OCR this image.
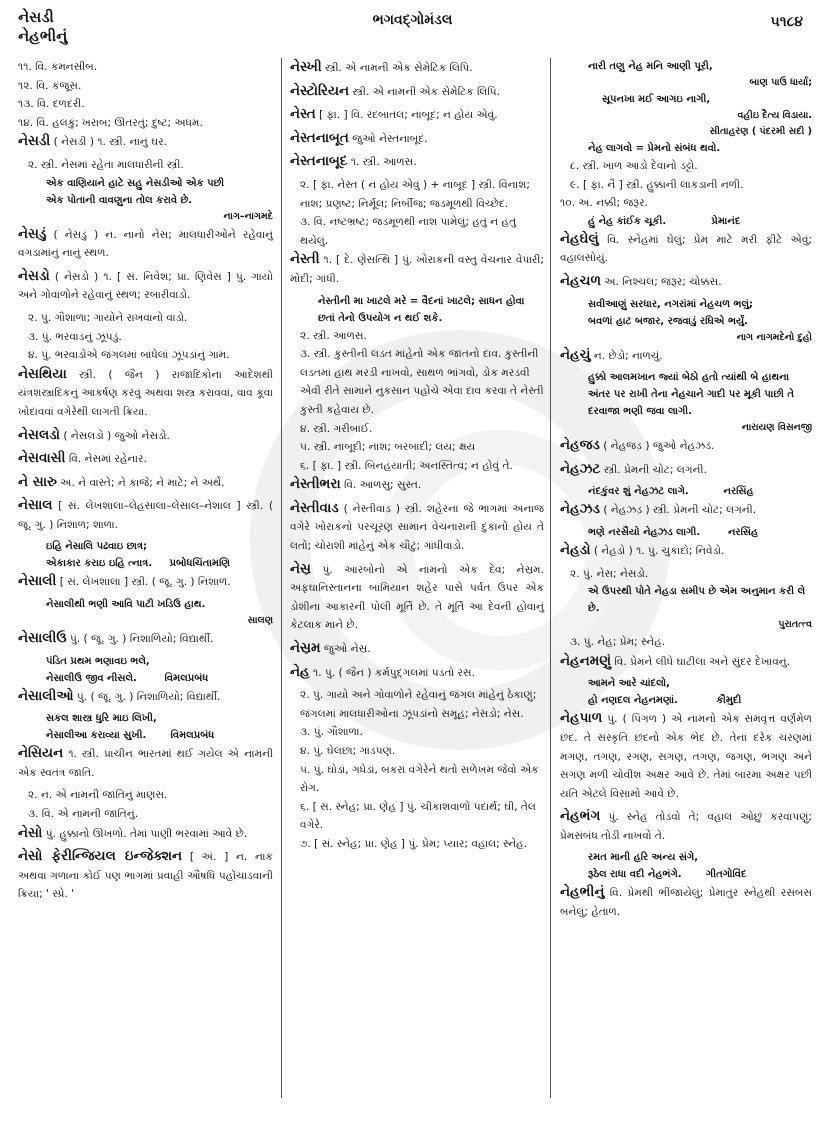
નેસડી
નેહભીનું
ભગવદ્ગોમંડલ	૫૧૮૪
૧૧. વિ. કમનસીબ.
૧૨. વિ. કંજૂસ.
૧૩. વિ. દળદરી.
૧૪. વિ. હલકું; ખરાબ; ઊતરતું; દુષ્ટ; અધમ.
નેસડી ( નેસ઼ડી ) ૧. સ્ત્રી. નાનું ઘર.
૨. સ્ત્રી. નેસમાં રહેતા માલધારીની સ્ત્રી.
એક વાણિયાને હાટે સહુ નેસડીઓ એક પછી
એક પોતાની વાવણુના તોલ કરાવે છે.
નાગ–નાગમદે
નેસડું ( નેસ઼ડું ) ન. નાનો નેસ; માલધારીઓને રહેવાનું વગડામાંનું નાનું સ્થળ.
નેસડો ( નેસ઼ડો ) ૧. [ સં. નિવેશ; પ્રા. ણિવેસ ] પું. ગાયો અને ગોવાળોને રહેવાનું સ્થળ; રબારીવાડો.
૨. પું. ગૌશાળા; ગાયોને રાખવાનો વાડો.
૩. પું. ભરવાડનું ઝૂંપડું.
૪. પું. ભરવાડોએ જંગલમાં બાંધેલાં ઝૂંપડાંનું ગામ.
નેસથિયા સ્ત્રી. ( જૈન ) રાજાદિકોના આદેશથી યંત્રશસ્ત્રાદિકનું આકર્ષણ કરવું અથવા શસ્ત્ર કરાવવાં, વાવ કૂવા ખોદાવવાં વગેરેથી લાગતી ક્રિયા.
નેસલડો ( નેસલ઼ડો ) જુઓ નેસડો.
નેસવાસી વિ. નેસમાં રહેનાર.
ને સારુ અ. ને વાસ્તે; ને કાજે; ને માટે; ને અર્થે.
નેસાલ [ સં. લેખશાલા–લેહસાલા–લેસાલ–નેશાલ ] સ્ત્રી. ( જૂ. ગુ. ) નિશાળ; શાળા.
ઇહિ નેસાલિ પઢવાઇ છાત્ર;
એકાકાર કરાઇ ઇહિ ત્નાત્ર.     પ્રબોધચિંતામણિ
નેસાલી [ સં. લેખશાલા ] સ્ત્રી. ( જૂ. ગુ. ) નિશાળ.
નેસાલીથી ભણી આવિ પાટી ખડિઉ હાથ.
સાલણ
નેસાલીઉ પું. ( જૂ. ગુ. ) નિશાળિયો; વિદ્યાર્થી.
પંડિત પ્રથમ ભણાવઇ ભલે,
નેસાલીઉ જીવ નીસલે.        વિમલપ્રબંધ
નેસાલીઓ પું. ( જૂ. ગુ. ) નિશાળિયો; વિદ્યાર્થી.
સકલ શાસ્ત્ર ધુરિ માઇ લિખી,
નેસાલીઆ કરાવ્યા સુખી.       વિમલપ્રબંધ
નેસિયન ૧. સ્ત્રી. પ્રાચીન ભારતમાં થઈ ગયેલ એ નામની એક સ્વતંત્ર જાતિ.
૨. ન. એ નામની જાતિનું માણસ.
૩. વિ. એ નામની જાતિનું.
નેસો પું. હુક્કાનો ઊખળો. તેમાં પાણી ભરવામાં આવે છે.
નેસો ફેરીન્જિયલ ઇન્જેક્શન [ અં. ] ન. નાક અથવા ગળાના કોઈ પણ ભાગમાં પ્રવાહી ઔષધિ પહોંચાડવાની ક્રિયા; ' સ્પ્રે. '
નેસ્ખી સ્ત્રી. એ નામની એક સેમેટિક લિપિ.
નેસ્ટોરિયન સ્ત્રી. એ નામની એક સેમેટિક લિપિ.
નેસ્ત [ ફા. ] વિ. રદબાતલ; નાબૂદ; ન હોય એવું.
નેસ્તનાબૂત જુઓ નેસ્તનાબૂદ.
નેસ્તનાબૂદ ૧. સ્ત્રી. આળસ.
૨. [ ફા. નેસ્ત ( ન હોય એવું ) + નાબૂદ ] સ્ત્રી. વિનાશ; નાશ; પ્રણષ્ટ; નિર્મૂલ; નિર્બીજ; જડમૂળથી વિચ્છેદ.
૩. વિ. નષ્ટભ્રષ્ટ; જડમૂળથી નાશ પામેલું; હતું ન હતું થયેલું.
નેસ્તી ૧. [ દે. ણેસત્થિ ] પું. ખોરાકની વસ્તુ વેચનાર વેપારી; મોદી; ગાંધી.
નેસ્તીની મા ખાટલે મરે = વૈદનાં ખાટલે; સાધન હોવા છતાં તેનો ઉપયોગ ન થઈ શકે.
૨. સ્ત્રી. આળસ.
૩. સ્ત્રી. કુસ્તીની લડત માંહેનો એક જાતનો દાવ. કુસ્તીની લડતમાં હાથ મરડી નાખવો, સાથળ ભાંગવો, ડોક મરડવી એવી રીતે સામાને નુકસાન પહોંચે એવા દાવ કરવા તે નેસ્તી કુસ્તી કહેવાય છે.
૪. સ્ત્રી. ગરીબાઈ.
૫. સ્ત્રી. નાબૂદી; નાશ; બરબાદી; લય; ક્ષય
૬. [ ફા. ] સ્ત્રી. બિનહયાતી; અનસ્તિત્વ; ન હોવું તે.
નેસ્તીભરા વિ. આળસુ; સુસ્ત.
નેસ્તીવાડ ( નેસ્તીવાડ઼ ) સ્ત્રી. શહેરના જે ભાગમાં અનાજ વગેરે ખોરાકનો પરચૂરણ સામાન વેચનારાની દુકાનો હોય તે લતો; ચોરાશી માંહેનું એક ચૌટું; ગાંધીવાડો.
નેસ્ર પું. આરબોનો એ નામનો એક દેવ; નેસ્રમ. અફઘાનિસ્તાનના બામિયાન શહેર પાસે પર્વત ઉપર એક ડોશીના આકારની પોલી મૂર્તિ છે. તે મૂર્તિ આ દેવની હોવાનું કેટલાક માને છે.
નેસ્રમ જુઓ નેસ્ર.
નેહ ૧. પું. ( જૈન ) કર્મપુદ્ગલમાં પડતો રસ.
૨. પું. ગાયો અને ગોવાળોને રહેવાનું જંગલ માંહેનું ઠેકાણું; જંગલમાં માલધારીઓનાં ઝૂંપડાંનો સમૂહ; નેસડો; નેસ.
૩. પું. ગૌશાળા.
૪. પું. ઘેલછા; ગાંડપણ.
૫. પું. ઘોડાં, ગધેડાં, બકરાં વગેરેને થતો સળેખમ જેવો એક રોગ.
૬. [ સં. સ્નેહ; પ્રા. ણેહ ] પું. ચીકાશવાળો પદાર્થ; ઘી, તેલ વગેરે.
૭. [ સં. સ્નેહ; પ્રા. ણેહ ] પું. પ્રેમ; પ્યાર; વહાલ; સ્નેહ.
નારી તણુ નેહ મનિ આણી પૂરી,
બાણ પાઉ ધાર્યા;
સૂપનખા મઈ આગઇ નાગી,
વહીઇ દૈત્ય વિડાયા.
સીતાહરણ ( પંદરમી સદી )
નેહ લાગવો = પ્રેમનો સંબંધ થવો.
૮. સ્ત્રી. ખાળ આડો દેવાનો ડટ્ટો.
૯. [ ફા. નૈ ] સ્ત્રી. હુક્કાની લાકડાની નળી.
૧૦. અ. નક્કી; જરૂર.
હું નેહ કાંઈક ચૂકી.             પ્રેમાનંદ
નેહઘેલું વિ. સ્નેહમાં ઘેલું; પ્રેમ માટે મરી ફીટે એવું; વહાલસોયું.
નેહચળ અ. નિશ્ચલ; જરૂર; ચોક્કસ.
સવીઆણું સરધાર, નગરાંમાં નેહચળ ભલું;
બવળાં હાટ બજાર, રજવાડું રઘિએ ભર્યું.
નાગ નાગમદેનો દુહો
નેહચું ન. છેડો; નાળચું.
હુક્કો આલમખાન જ્યાં બેઠો હતો ત્યાંથી બે હાથના અંતર પર રાખી તેના નેહચાને ગાદી પર મૂકી પાછી તે દરવાજા ભણી જવા લાગી.
નારાયણ વિસનજી
નેહજડ ( નેહજડ઼ ) જુઓ નેહઝડ.
નેહઝટ સ્ત્રી. પ્રેમની ચોટ; લગની.
નંદકુંવર શું નેહઝટ લાગે.          નરસિંહ
નેહઝડ ( નેહઝડ઼ ) સ્ત્રી. પ્રેમની ચોટ; લગની.
ભણે નરસૈયો નેહઝડ લાગી.        નરસિંહ
નેહડો ( નેહ઼ડો ) ૧. પું. ચુકાદો; નિવેડો.
૨. પું. નેસ; નેસડો.
એ ઉપરથી પોતે નેહડા સમીપ છે એમ અનુમાન કરી લે છે.
પુરાતત્ત્વ
૩. પું. નેહ; પ્રેમ; સ્નેહ.
નેહનમણું વિ. પ્રેમને લીધે ઘાટીલા અને સુંદર દેખાવનું.
આમને આરે ચાંદલો,
હો નણદલ નેહનમણાં.           કૌમુદી
નેહપાળ પું. ( પિંગળ ) એ નામનો એક સમવૃત્ત વર્ણમેળ છંદ. તે સંસ્કૃતિ છંદનો એક ભેદ છે. તેના દરેક ચરણમાં મગણ, તગણ, રગણ, સગણ, તગણ, જગણ, ભગણ અને સગણ મળી ચોવીશ અક્ષર આવે છે. તેમાં બારમા અક્ષર પછી યતિ એટલે વિસામો આવે છે.
નેહભંગ પું. સ્નેહ તોડવો તે; વહાલ ઓછું કરવાપણું; પ્રેમસંબંધ તોડી નાખવો તે.
રમત માની હરિ અન્ય સંગે,
રૂઠેલ રાધા વદી નેહભંગે.       ગીતગોવિંદ
નેહભીનું વિ. પ્રેમથી ભીંજાયેલું; પ્રેમાતુર સ્નેહથી રસબસ બનેલું; હેતાળ.
